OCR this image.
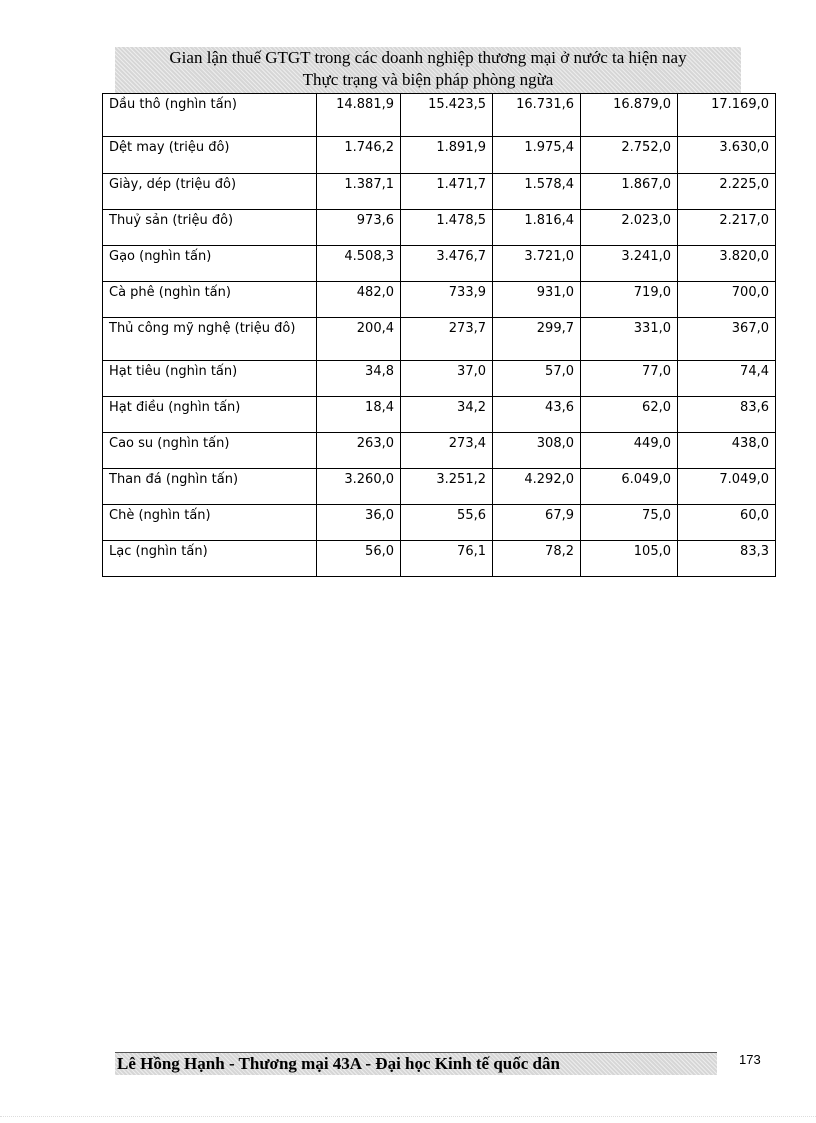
Gian lận thuế GTGT trong các doanh nghiệp thương mại ở nước ta hiện nay
Thực trạng và biện pháp phòng ngừa
Dầu thô (nghìn tấn)	14.881,9	15.423,5	16.731,6	16.879,0	17.169,0
Dệt may (triệu đô)	1.746,2	1.891,9	1.975,4	2.752,0	3.630,0
Giày, dép (triệu đô)	1.387,1	1.471,7	1.578,4	1.867,0	2.225,0
Thuỷ sản (triệu đô)	973,6	1.478,5	1.816,4	2.023,0	2.217,0
Gạo (nghìn tấn)	4.508,3	3.476,7	3.721,0	3.241,0	3.820,0
Cà phê (nghìn tấn)	482,0	733,9	931,0	719,0	700,0
Thủ công mỹ nghệ (triệu đô)	200,4	273,7	299,7	331,0	367,0
Hạt tiêu (nghìn tấn)	34,8	37,0	57,0	77,0	74,4
Hạt điều (nghìn tấn)	18,4	34,2	43,6	62,0	83,6
Cao su (nghìn tấn)	263,0	273,4	308,0	449,0	438,0
Than đá (nghìn tấn)	3.260,0	3.251,2	4.292,0	6.049,0	7.049,0
Chè (nghìn tấn)	36,0	55,6	67,9	75,0	60,0
Lạc (nghìn tấn)	56,0	76,1	78,2	105,0	83,3
Lê Hồng Hạnh - Thương mại 43A - Đại học Kinh tế quốc dân	173
